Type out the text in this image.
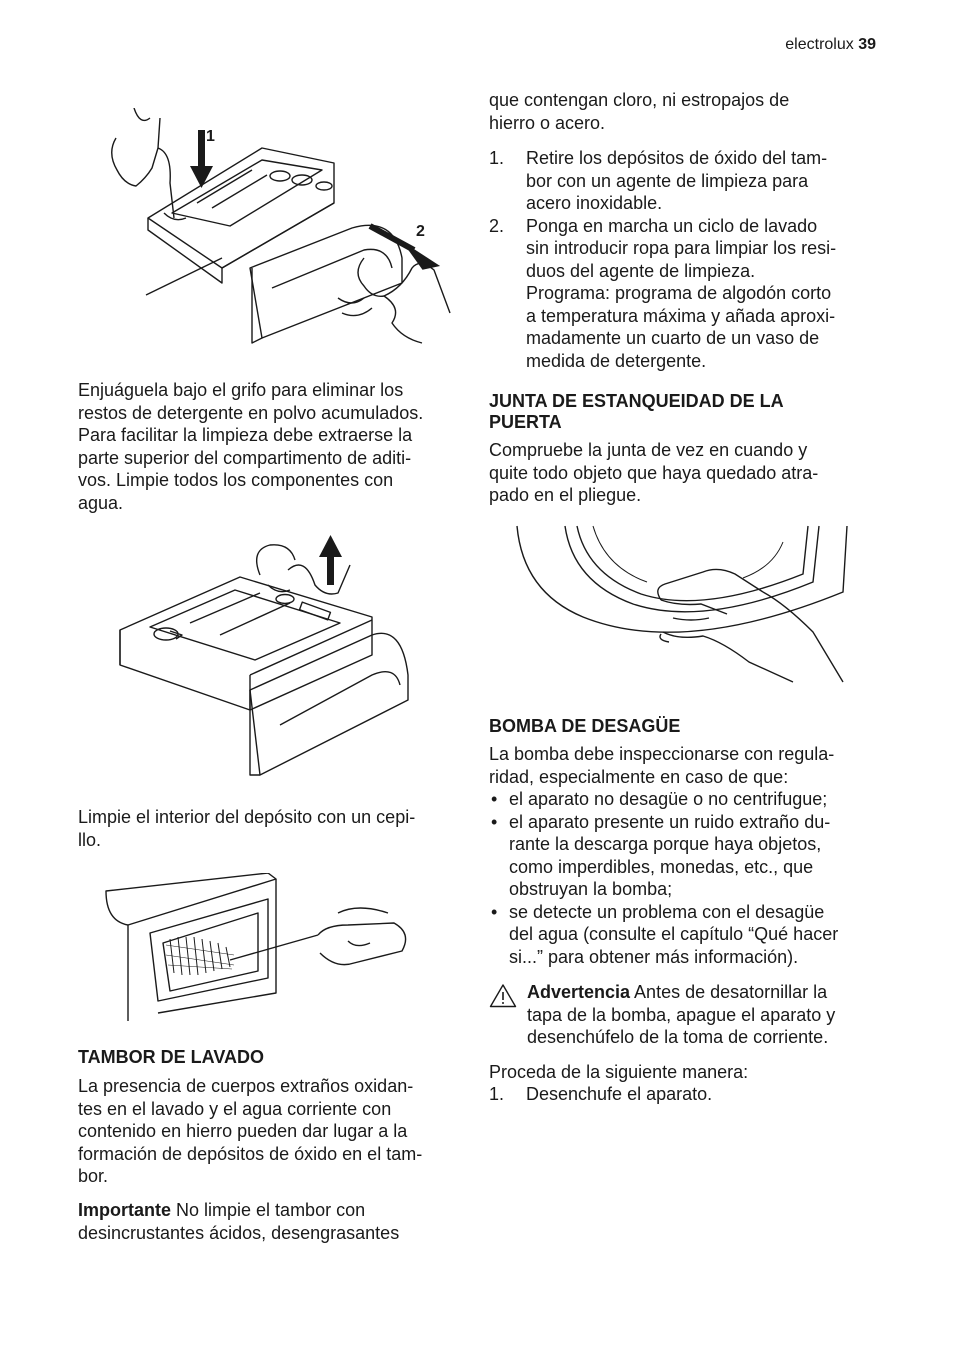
electrolux 39
1
2
Enjuáguela bajo el grifo para eliminar los
restos de detergente en polvo acumulados.
Para facilitar la limpieza debe extraerse la
parte superior del compartimento de aditi-
vos. Limpie todos los componentes con
agua.
Limpie el interior del depósito con un cepi-
llo.
TAMBOR DE LAVADO
La presencia de cuerpos extraños oxidan-
tes en el lavado y el agua corriente con
contenido en hierro pueden dar lugar a la
formación de depósitos de óxido en el tam-
bor.
Importante No limpie el tambor con
desincrustantes ácidos, desengrasantes
que contengan cloro, ni estropajos de
hierro o acero.
1. Retire los depósitos de óxido del tam-
bor con un agente de limpieza para
acero inoxidable.
2. Ponga en marcha un ciclo de lavado
sin introducir ropa para limpiar los resi-
duos del agente de limpieza.
Programa: programa de algodón corto
a temperatura máxima y añada aproxi-
madamente un cuarto de un vaso de
medida de detergente.
JUNTA DE ESTANQUEIDAD DE LA
PUERTA
Compruebe la junta de vez en cuando y
quite todo objeto que haya quedado atra-
pado en el pliegue.
BOMBA DE DESAGÜE
La bomba debe inspeccionarse con regula-
ridad, especialmente en caso de que:
• el aparato no desagüe o no centrifugue;
• el aparato presente un ruido extraño du-
rante la descarga porque haya objetos,
como imperdibles, monedas, etc., que
obstruyan la bomba;
• se detecte un problema con el desagüe
del agua (consulte el capítulo “Qué hacer
si...” para obtener más información).
Advertencia Antes de desatornillar la
tapa de la bomba, apague el aparato y
desenchúfelo de la toma de corriente.
Proceda de la siguiente manera:
1. Desenchufe el aparato.
